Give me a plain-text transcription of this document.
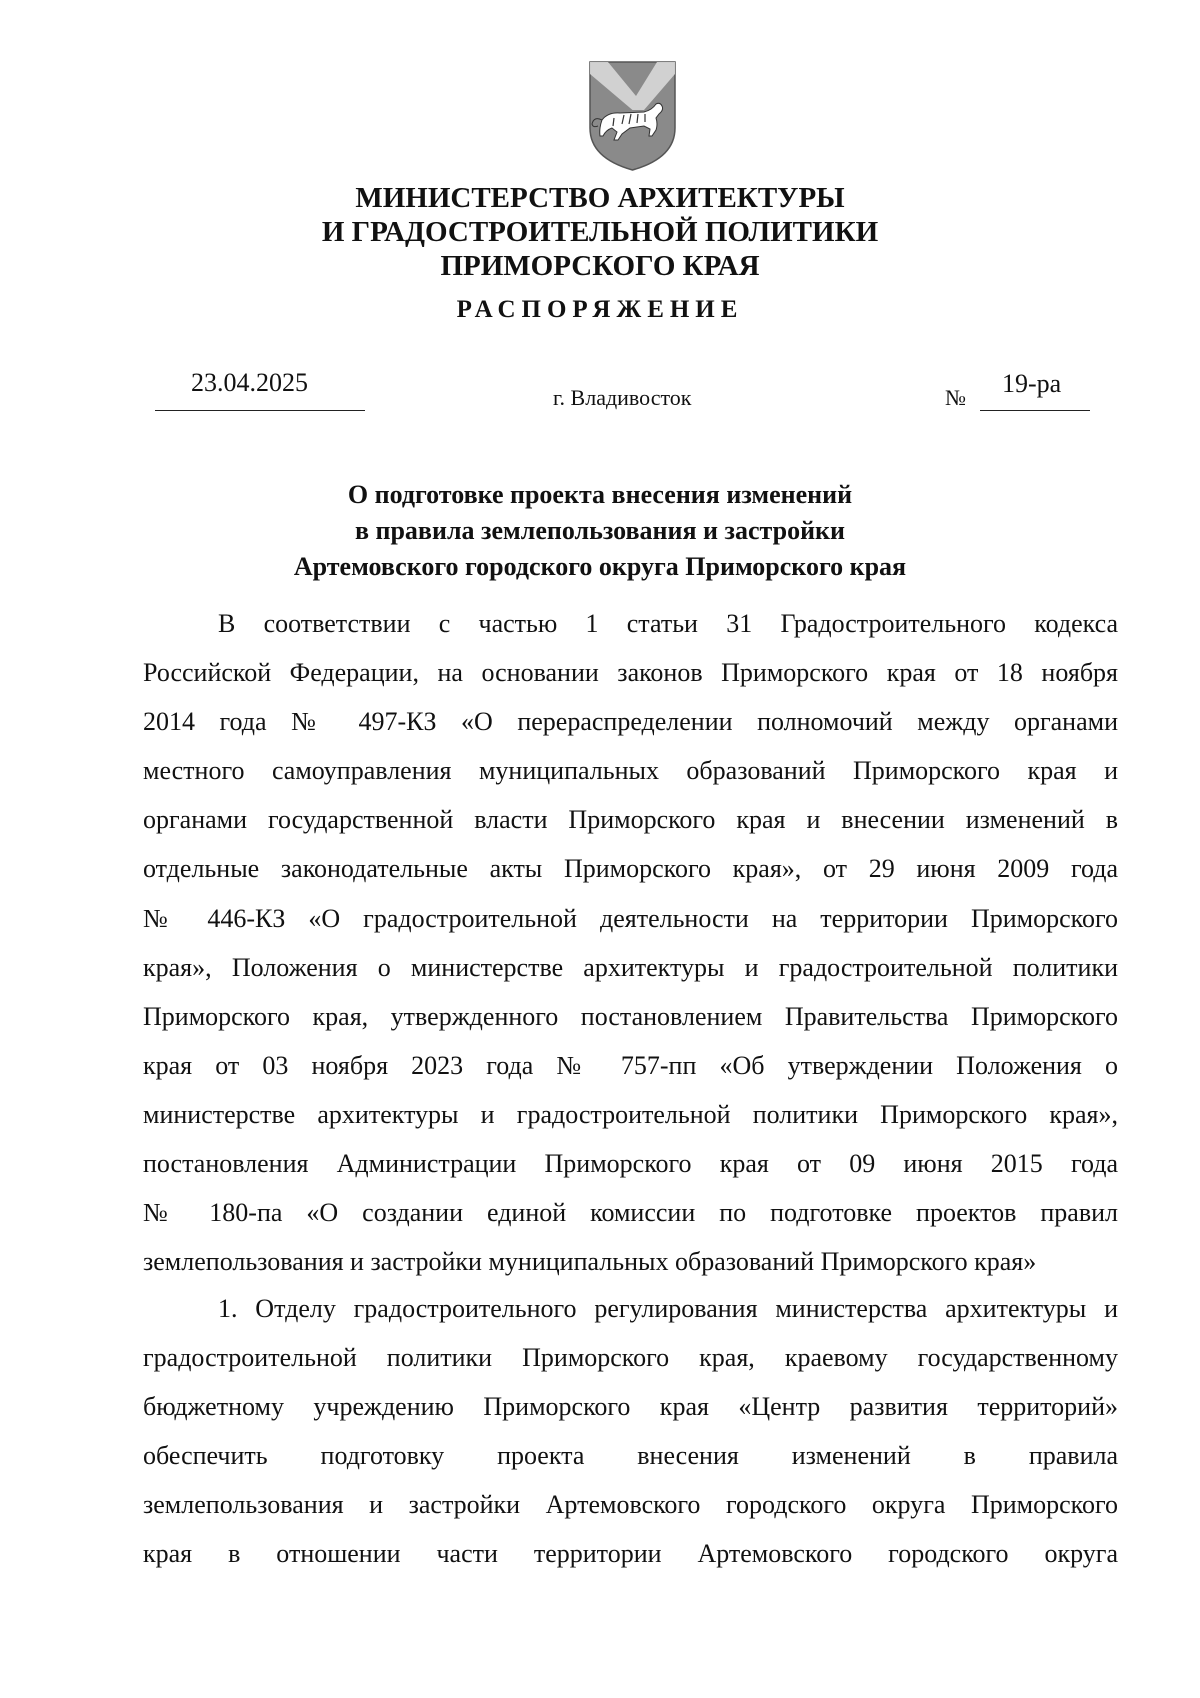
МИНИСТЕРСТВО АРХИТЕКТУРЫ
И ГРАДОСТРОИТЕЛЬНОЙ ПОЛИТИКИ
ПРИМОРСКОГО КРАЯ
РАСПОРЯЖЕНИЕ
23.04.2025
г. Владивосток	№ 19-ра
О подготовке проекта внесения изменений
в правила землепользования и застройки
Артемовского городского округа Приморского края
В соответствии с частью 1 статьи 31 Градостроительного кодекса
Российской Федерации, на основании законов Приморского края от 18 ноября
2014 года № 497-КЗ «О перераспределении полномочий между органами
местного самоуправления муниципальных образований Приморского края и
органами государственной власти Приморского края и внесении изменений в
отдельные законодательные акты Приморского края», от 29 июня 2009 года
№ 446-КЗ «О градостроительной деятельности на территории Приморского
края», Положения о министерстве архитектуры и градостроительной политики
Приморского края, утвержденного постановлением Правительства Приморского
края от 03 ноября 2023 года № 757-пп «Об утверждении Положения о
министерстве архитектуры и градостроительной политики Приморского края»,
постановления Администрации Приморского края от 09 июня 2015 года
№ 180-па «О создании единой комиссии по подготовке проектов правил
землепользования и застройки муниципальных образований Приморского края»
1. Отделу градостроительного регулирования министерства архитектуры и
градостроительной политики Приморского края, краевому государственному
бюджетному учреждению Приморского края «Центр развития территорий»
обеспечить подготовку проекта внесения изменений в правила
землепользования и застройки Артемовского городского округа Приморского
края в отношении части территории Артемовского городского округа
